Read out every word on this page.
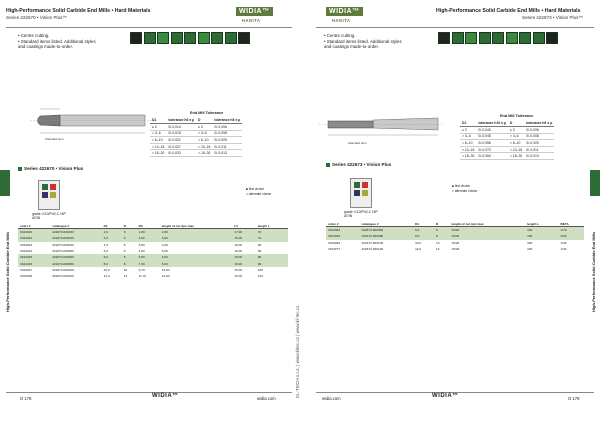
High-Performance Solid Carbide End Mills • Hard Materials
Series 422670 • Vision Plus™
WIDIA™
HANITA
• Centre cutting.
• Standard items listed. Additional styles
and coatings made-to-order.
Standard item
End Mill Tolerance
D1	tolerance h6 ± µ	D	tolerance h6 ± µ
≤ 3	0/-0,014	≤ 3	0/-0,006
> 3–6	0/-0,018	> 3–6	0/-0,008
> 6–10	0/-0,022	> 6–10	0/-0,009
> 10–18	0/-0,027	> 10–18	0/-0,011
> 18–30	0/-0,033	> 18–30	0/-0,013
Series 422670 • Vision Plus
grade: K10/P40-C HIP
AlTiN
■ first choice
□ alternate choice
order #	catalogue #	D1	D	D3	length of cut Ap1 max	L3	length L
3344020	422670-000030	2,0	6	1,80	2,00	17,00	70
3344022	422670-000030	3,0	6	2,90	3,00	15,00	70
3344023	422670-000040	4,0	6	3,80	4,00	19,00	80
3344024	422670-000050	5,0	6	4,80	5,00	18,00	80
3344025	422670-000060	6,0	6	5,80	6,00	18,00	80
3344026	422670-000080	8,0	8	7,60	8,00	16,00	80
3344027	422670-000100	10,0	10	9,70	10,00	15,00	100
3344028	422670-000120	12,0	12	11,70	12,00	15,00	110
High-Performance Solid Carbide End Mills
O 178	WIDIA™	widia.com
KL-TECH s.r.o. | www.kltec.cz | www.kl-tec.cz
High-Performance Solid Carbide End Mills • Hard Materials
Series 422673 • Vision Plus™
WIDIA™
HANITA
• Centre cutting.
• Standard items listed. Additional styles
and coatings made-to-order.
Standard item
End Mill Tolerance
D1	tolerance h10 ± µ	D	tolerance h6 ± µ
≤ 3	0/-0,040	≤ 3	0/-0,006
> 3–6	0/-0,048	> 3–6	0/-0,008
> 6–10	0/-0,058	> 6–10	0/-0,009
> 10–18	0/-0,070	> 10–18	0/-0,011
> 18–30	0/-0,084	> 18–30	0/-0,013
Series 422673 • Vision Plus
grade: K10/P40-C HIP
AlTiN
■ first choice
□ alternate choice
order #	catalogue #	D1	D	length of cut Ap1 max	length L	BETA
3344062	422673-000060	6,0	6	15/20	100	1/70
3344063	422673-000080	8,0	8	15/20	100	2/60
3344064	422673-000100	10,0	10	15/20	100	1/40
3344077	422673-000120	12,0	12	15/20	100	1/30	High-Performance Solid Carbide End Mills
widia.com	WIDIA™	O 179
